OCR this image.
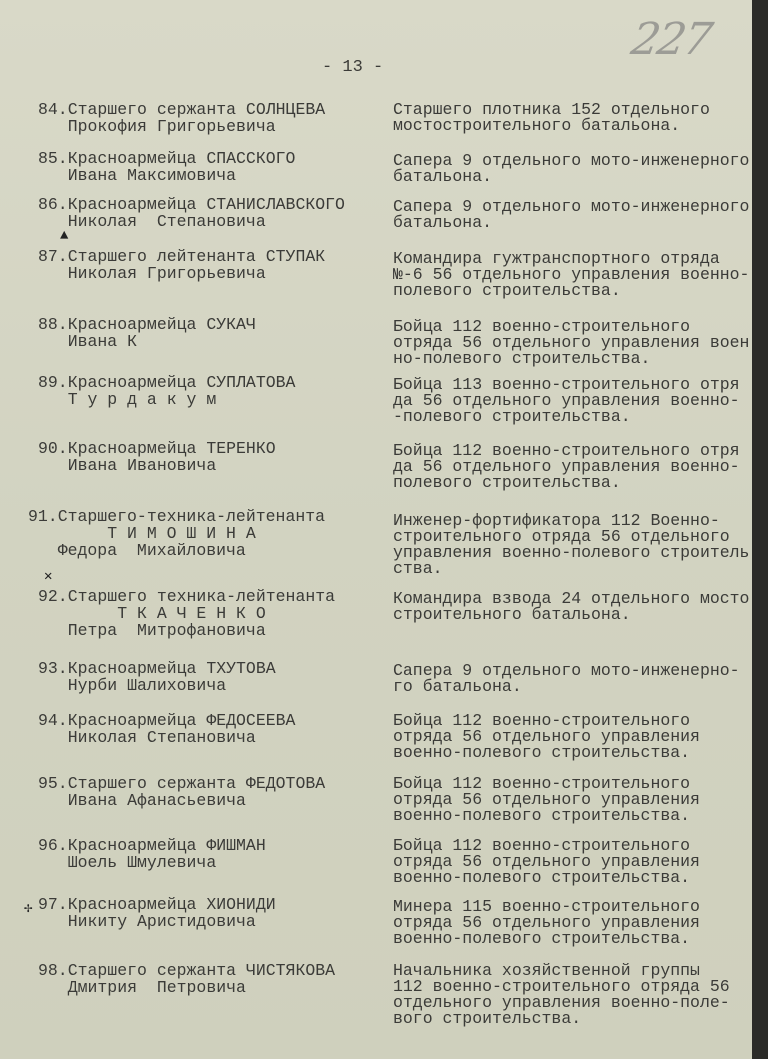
227
- 13 -
▲
✕
✢
84.Старшего сержанта СОЛНЦЕВА
Прокофия Григорьевича
Старшего плотника 152 отдельного
мостостроительного батальона.
85.Красноармейца СПАССКОГО
Ивана Максимовича
Сапера 9 отдельного мото-инженерного
батальона.
86.Красноармейца СТАНИСЛАВСКОГО
Николая  Степановича
Сапера 9 отдельного мото-инженерного
батальона.
87.Старшего лейтенанта СТУПАК
Николая Григорьевича
Командира гужтранспортного отряда
№-6 56 отдельного управления военно-
полевого строительства.
88.Красноармейца СУКАЧ
Ивана К
Бойца 112 военно-строительного
отряда 56 отдельного управления воен
но-полевого строительства.
89.Красноармейца СУПЛАТОВА
Т у р д а к у м
Бойца 113 военно-строительного отря
да 56 отдельного управления военно-
-полевого строительства.
90.Красноармейца ТЕРЕНКО
Ивана Ивановича
Бойца 112 военно-строительного отря
да 56 отдельного управления военно-
полевого строительства.
91.Старшего-техника-лейтенанта
Т И М О Ш И Н А
Федора  Михайловича
Инженер-фортификатора 112 Военно-
строительного отряда 56 отдельного
управления военно-полевого строитель
ства.
92.Старшего техника-лейтенанта
Т К А Ч Е Н К О
Петра  Митрофановича
Командира взвода 24 отдельного мосто
строительного батальона.
93.Красноармейца ТХУТОВА
Нурби Шалиховича
Сапера 9 отдельного мото-инженерно-
го батальона.
94.Красноармейца ФЕДОСЕЕВА
Николая Степановича
Бойца 112 военно-строительного
отряда 56 отдельного управления
военно-полевого строительства.
95.Старшего сержанта ФЕДОТОВА
Ивана Афанасьевича
Бойца 112 военно-строительного
отряда 56 отдельного управления
военно-полевого строительства.
96.Красноармейца ФИШМАН
Шоель Шмулевича
Бойца 112 военно-строительного
отряда 56 отдельного управления
военно-полевого строительства.
97.Красноармейца ХИОНИДИ
Никиту Аристидовича
Минера 115 военно-строительного
отряда 56 отдельного управления
военно-полевого строительства.
98.Старшего сержанта ЧИСТЯКОВА
Дмитрия  Петровича
Начальника хозяйственной группы
112 военно-строительного отряда 56
отдельного управления военно-поле-
вого строительства.
